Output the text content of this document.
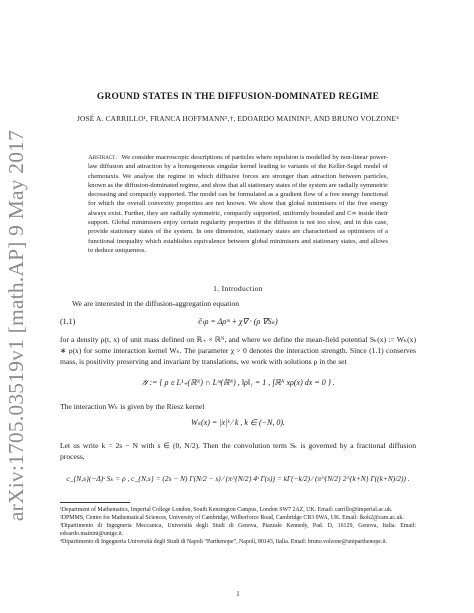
arXiv:1705.03519v1 [math.AP] 9 May 2017
GROUND STATES IN THE DIFFUSION-DOMINATED REGIME
JOSÉ A. CARRILLO¹, FRANCA HOFFMANN²,†, EDOARDO MAININI³, AND BRUNO VOLZONE⁴
Abstract. We consider macroscopic descriptions of particles where repulsion is modelled by non-linear power-law diffusion and attraction by a homogeneous singular kernel leading to variants of the Keller-Segel model of chemotaxis. We analyse the regime in which diffusive forces are stronger than attraction between particles, known as the diffusion-dominated regime, and show that all stationary states of the system are radially symmetric decreasing and compactly supported. The model can be formulated as a gradient flow of a free energy functional for which the overall convexity properties are not known. We show that global minimisers of the free energy always exist. Further, they are radially symmetric, compactly supported, uniformly bounded and C∞ inside their support. Global minimisers enjoy certain regularity properties if the diffusion is not too slow, and in this case, provide stationary states of the system. In one dimension, stationary states are characterised as optimisers of a functional inequality which establishes equivalence between global minimisers and stationary states, and allows to deduce uniqueness.
1. Introduction
We are interested in the diffusion-aggregation equation
(1.1)	∂ₜρ = Δρᵐ + χ∇ · (ρ ∇Sₖ)
for a density ρ(t, x) of unit mass defined on ℝ₊ × ℝᴺ, and where we define the mean-field potential Sₖ(x) := Wₖ(x) ∗ ρ(x) for some interaction kernel Wₖ. The parameter χ > 0 denotes the interaction strength. Since (1.1) conserves mass, is positivity preserving and invariant by translations, we work with solutions ρ in the set
𝒴 := { ρ ∈ L¹₊(ℝᴺ) ∩ Lᵐ(ℝᴺ) , ‖ρ‖₁ = 1 , ∫ℝᴺ xρ(x) dx = 0 } .
The interaction Wₖ is given by the Riesz kernel
Wₖ(x) = |x|ᵏ ⁄ k , k ∈ (−N, 0).
Let us write k = 2s − N with s ∈ (0, N/2). Then the convolution term Sₖ is governed by a fractional diffusion process,
c_{N,s}(−Δ)ˢ Sₖ = ρ , c_{N,s} = (2s − N) Γ(N/2 − s) ⁄ (π^{N/2} 4ˢ Γ(s)) = kΓ(−k/2) ⁄ (π^{N/2} 2^{k+N} Γ((k+N)/2)) .

¹Department of Mathematics, Imperial College London, South Kensington Campus, London SW7 2AZ, UK. Email: carrillo@imperial.ac.uk.

²DPMMS, Centre for Mathematical Sciences, University of Cambridge, Wilberforce Road, Cambridge CB3 0WA, UK. Email: fkoh2@cam.ac.uk.

³Dipartimento di Ingegneria Meccanica, Università degli Studi di Genova, Piazzale Kennedy, Pad. D, 16129, Genova, Italia. Email: edoardo.mainini@unige.it.

⁴Dipartimento di Ingegneria Università degli Studi di Napoli “Parthenope”, Napoli, 80143, Italia. Email: bruno.volzone@uniparthenope.it.

1
